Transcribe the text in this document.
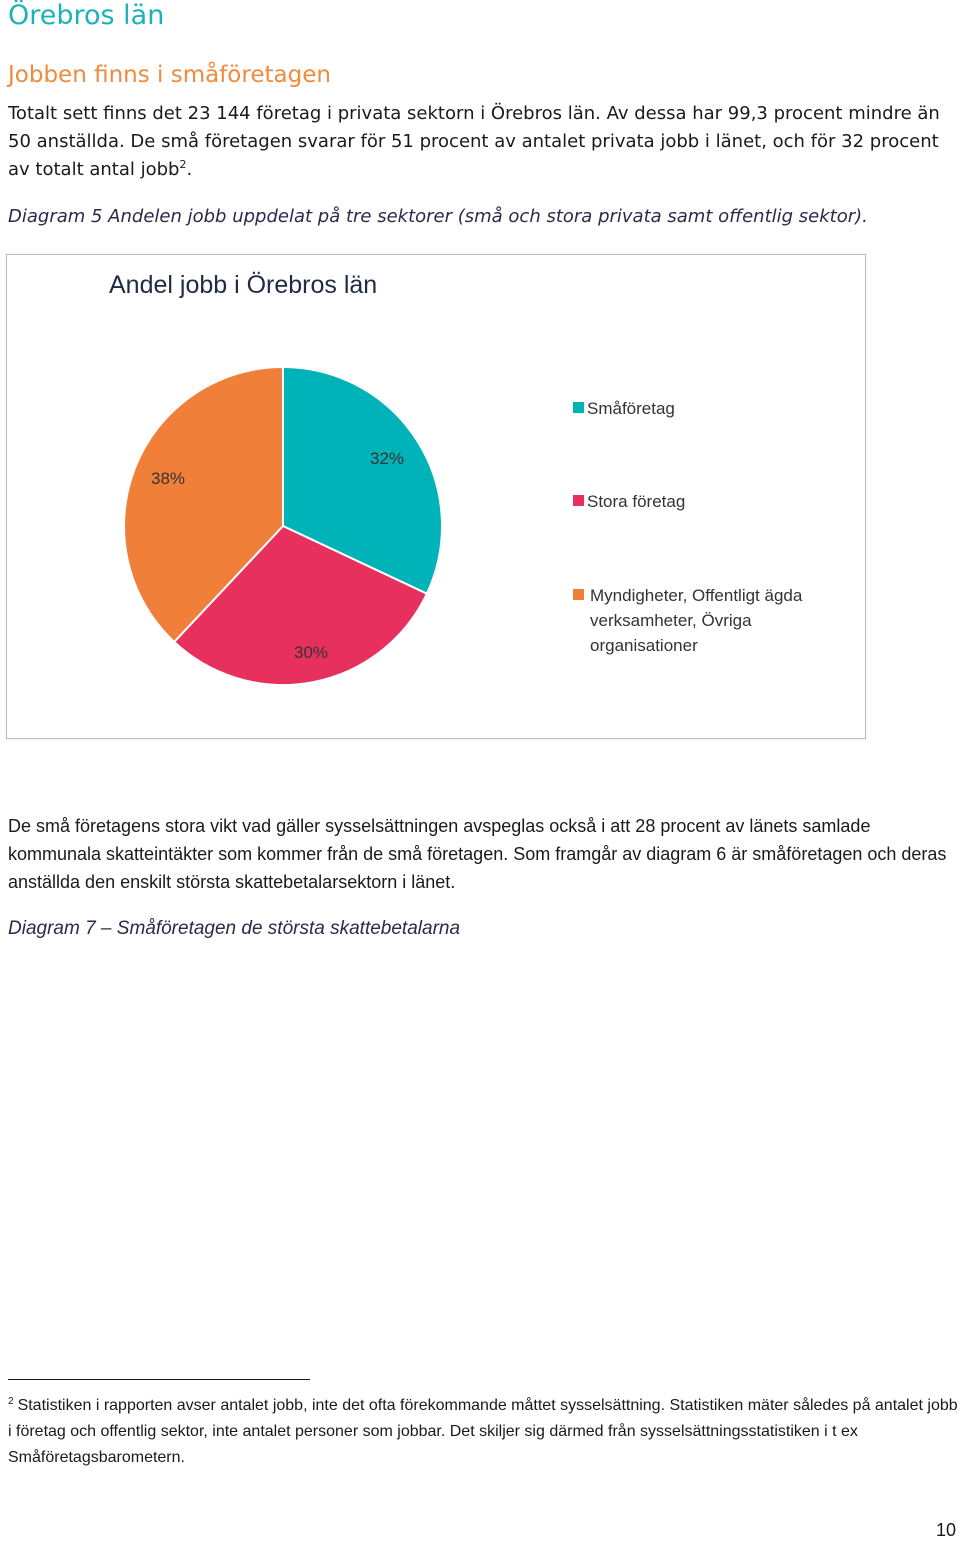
Örebros län
Jobben finns i småföretagen
Totalt sett finns det 23 144 företag i privata sektorn i Örebros län. Av dessa har 99,3 procent mindre än 50 anställda. De små företagen svarar för 51 procent av antalet privata jobb i länet, och för 32 procent av totalt antal jobb$^2$.
Diagram 5 Andelen jobb uppdelat på tre sektorer (små och stora privata samt offentlig sektor).
Andel jobb i Örebros län
32%
30%
38%
Småföretag
Stora företag
Myndigheter, Offentligt ägda
verksamheter, Övriga
organisationer
De små företagens stora vikt vad gäller sysselsättningen avspeglas också i att 28 procent av länets samlade kommunala skatteintäkter som kommer från de små företagen. Som framgår av diagram 6 är småföretagen och deras anställda den enskilt största skattebetalarsektorn i länet.
Diagram 7 – Småföretagen de största skattebetalarna
$^2$ Statistiken i rapporten avser antalet jobb, inte det ofta förekommande måttet sysselsättning. Statistiken mäter således på antalet jobb i företag och offentlig sektor, inte antalet personer som jobbar. Det skiljer sig därmed från sysselsättningsstatistiken i t ex Småföretagsbarometern.
10
